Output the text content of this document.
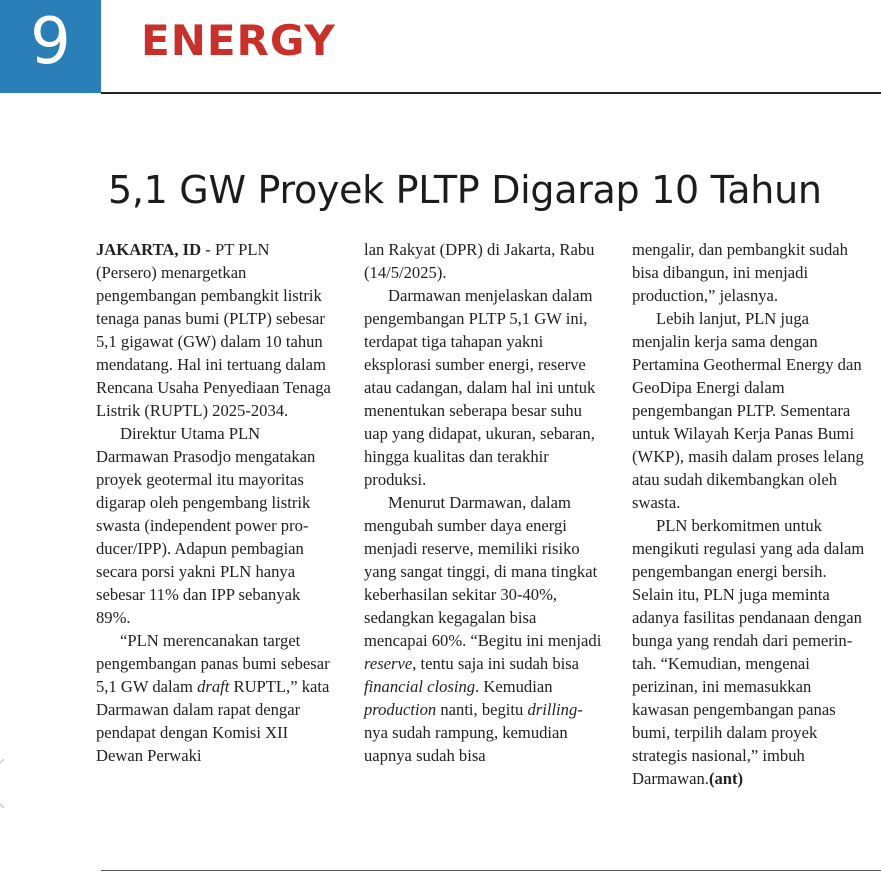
9	ENERGY
5,1 GW Proyek PLTP Digarap 10 Tahun

JAKARTA, ID - PT PLN (Persero) menargetkan pengembangan pembangkit listrik tenaga panas bumi (PLTP) sebesar 5,1 gigawat (GW) dalam 10 tahun mendatang. Hal ini tertuang dalam Rencana Usaha Penyediaan Tenaga Listrik (RUPTL) 2025-2034.

Direktur Utama PLN Darmawan Prasodjo mengatakan proyek geotermal itu mayoritas digarap oleh pengembang listrik swasta (independent power producer/IPP). Adapun pembagian secara porsi yakni PLN hanya sebesar 11% dan IPP sebanyak 89%.

“PLN merencanakan target pengembangan panas bumi sebesar 5,1 GW dalam draft RUPTL,” kata Darmawan dalam rapat dengar pendapat dengan Komisi XII Dewan Perwaki

lan Rakyat (DPR) di Jakarta, Rabu (14/5/2025).

Darmawan menjelaskan dalam pengembangan PLTP 5,1 GW ini, terdapat tiga tahapan yakni eksplorasi sumber energi, reserve atau cadangan, dalam hal ini untuk menentukan seberapa besar suhu uap yang didapat, ukuran, sebaran, hingga kualitas dan terakhir produksi.

Menurut Darmawan, dalam mengubah sumber daya energi menjadi reserve, memiliki risiko yang sangat tinggi, di mana tingkat keberhasilan sekitar 30-40%, sedangkan kegagalan bisa mencapai 60%. “Begitu ini menjadi reserve, tentu saja ini sudah bisa financial closing. Kemudian production nanti, begitu drilling-nya sudah rampung, kemudian uapnya sudah bisa

mengalir, dan pembangkit sudah bisa dibangun, ini menjadi production,” jelasnya.

Lebih lanjut, PLN juga menjalin kerja sama dengan Pertamina Geothermal Energy dan GeoDipa Energi dalam pengembangan PLTP. Sementara untuk Wilayah Kerja Panas Bumi (WKP), masih dalam proses lelang atau sudah dikembangkan oleh swasta.

PLN berkomitmen untuk mengikuti regulasi yang ada dalam pengembangan energi bersih. Selain itu, PLN juga meminta adanya fasilitas pendanaan dengan bunga yang rendah dari pemerintah. “Kemudian, mengenai perizinan, ini memasukkan kawasan pengembangan panas bumi, terpilih dalam proyek strategis nasional,” imbuh Darmawan.(ant)
